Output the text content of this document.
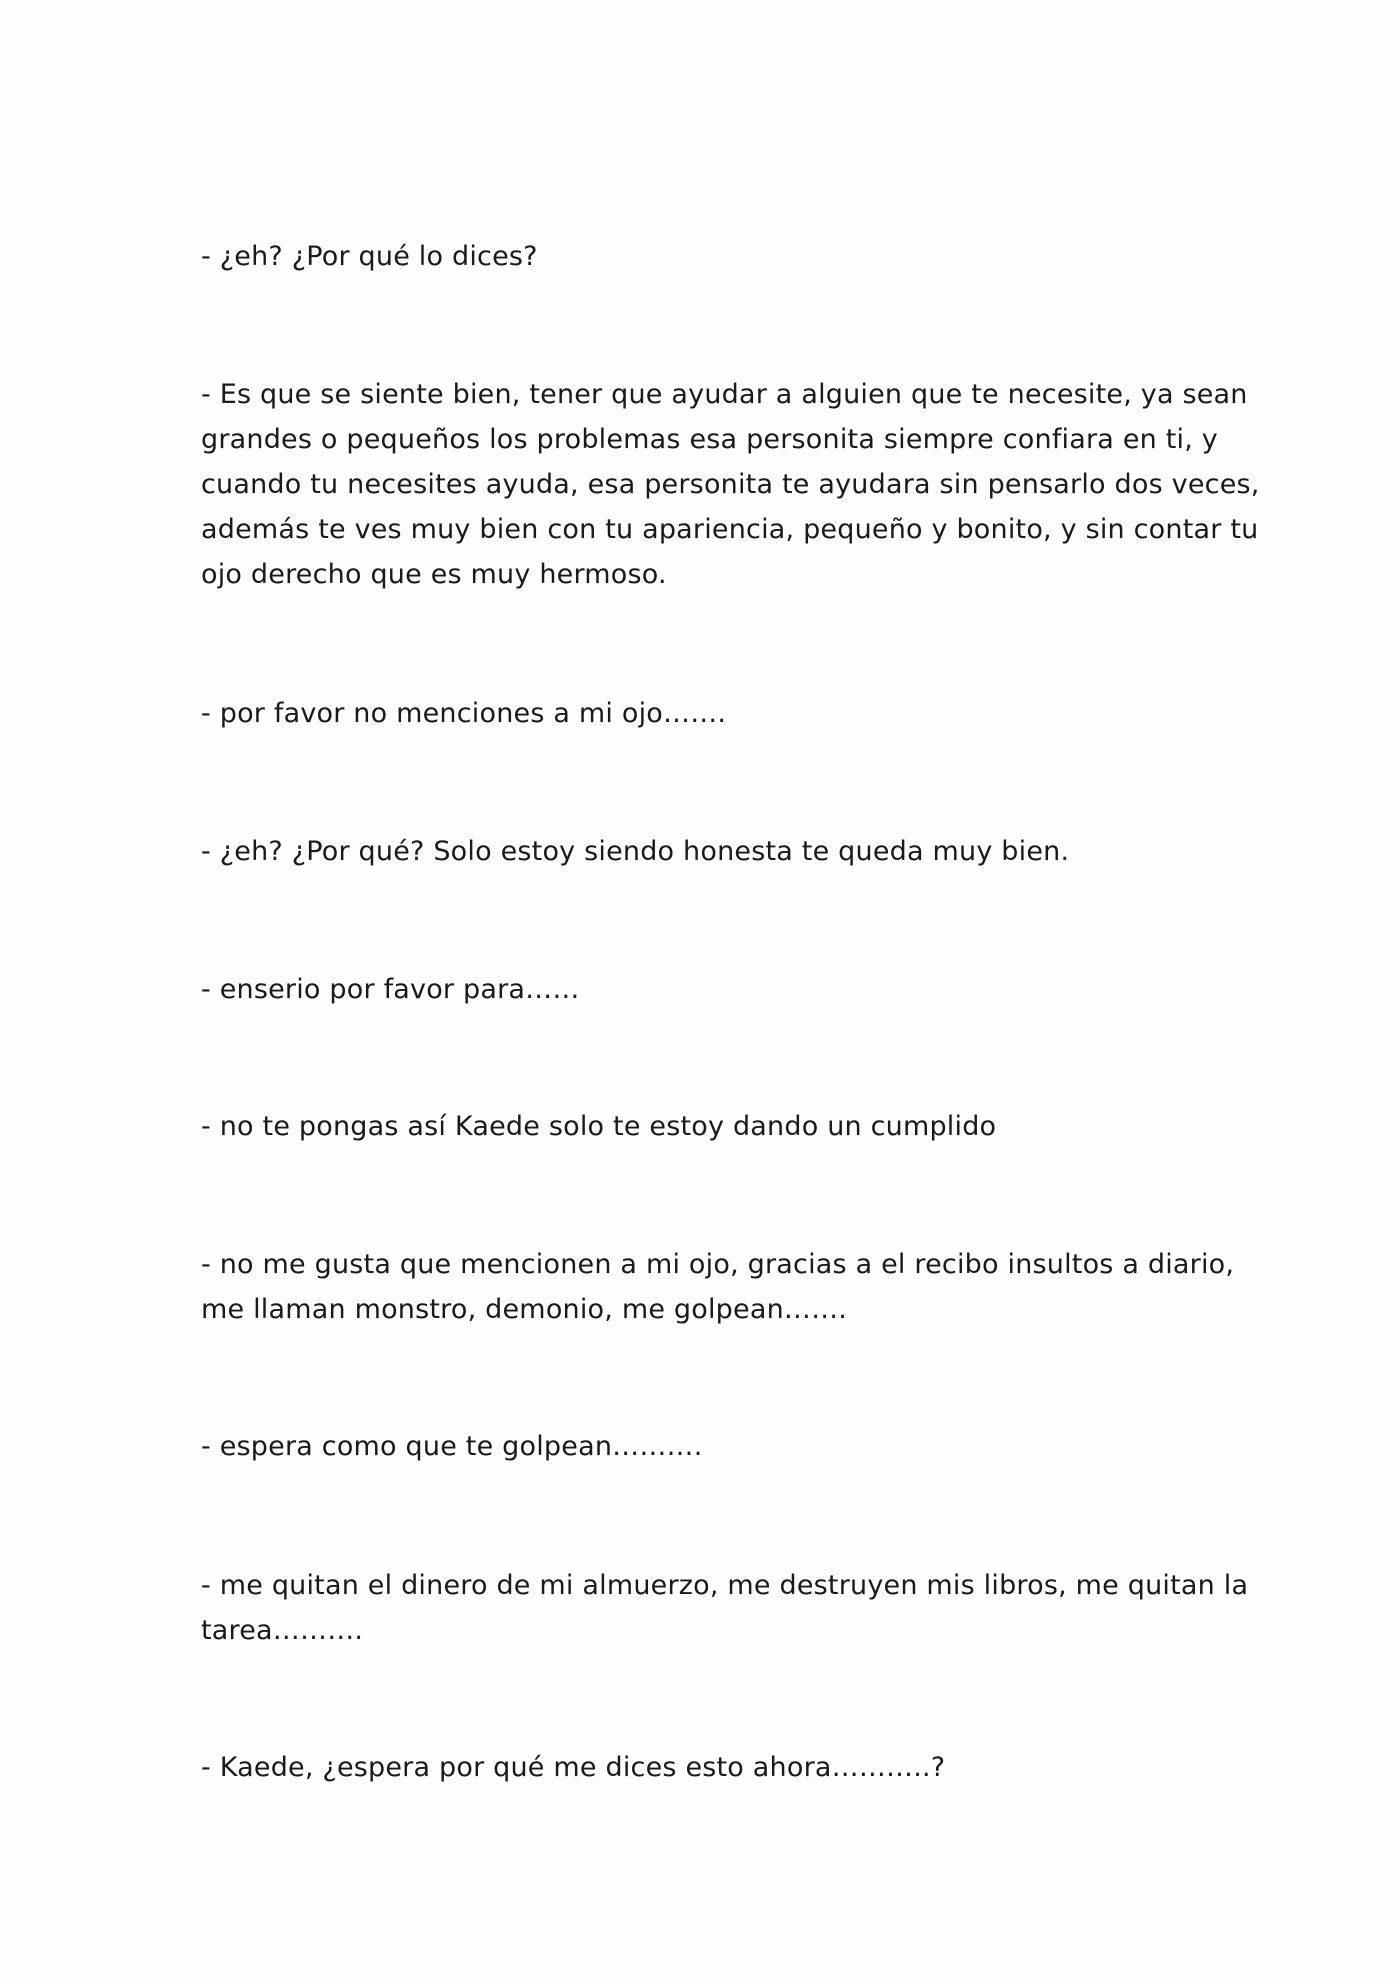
- ¿eh? ¿Por qué lo dices?

- Es que se siente bien, tener que ayudar a alguien que te necesite, ya sean
grandes o pequeños los problemas esa personita siempre confiara en ti, y
cuando tu necesites ayuda, esa personita te ayudara sin pensarlo dos veces,
además te ves muy bien con tu apariencia, pequeño y bonito, y sin contar tu
ojo derecho que es muy hermoso.

- por favor no menciones a mi ojo…….

- ¿eh? ¿Por qué? Solo estoy siendo honesta te queda muy bien.

- enserio por favor para……

- no te pongas así Kaede solo te estoy dando un cumplido

- no me gusta que mencionen a mi ojo, gracias a el recibo insultos a diario,
me llaman monstro, demonio, me golpean…….

- espera como que te golpean……….

- me quitan el dinero de mi almuerzo, me destruyen mis libros, me quitan la
tarea……….

- Kaede, ¿espera por qué me dices esto ahora………..?
